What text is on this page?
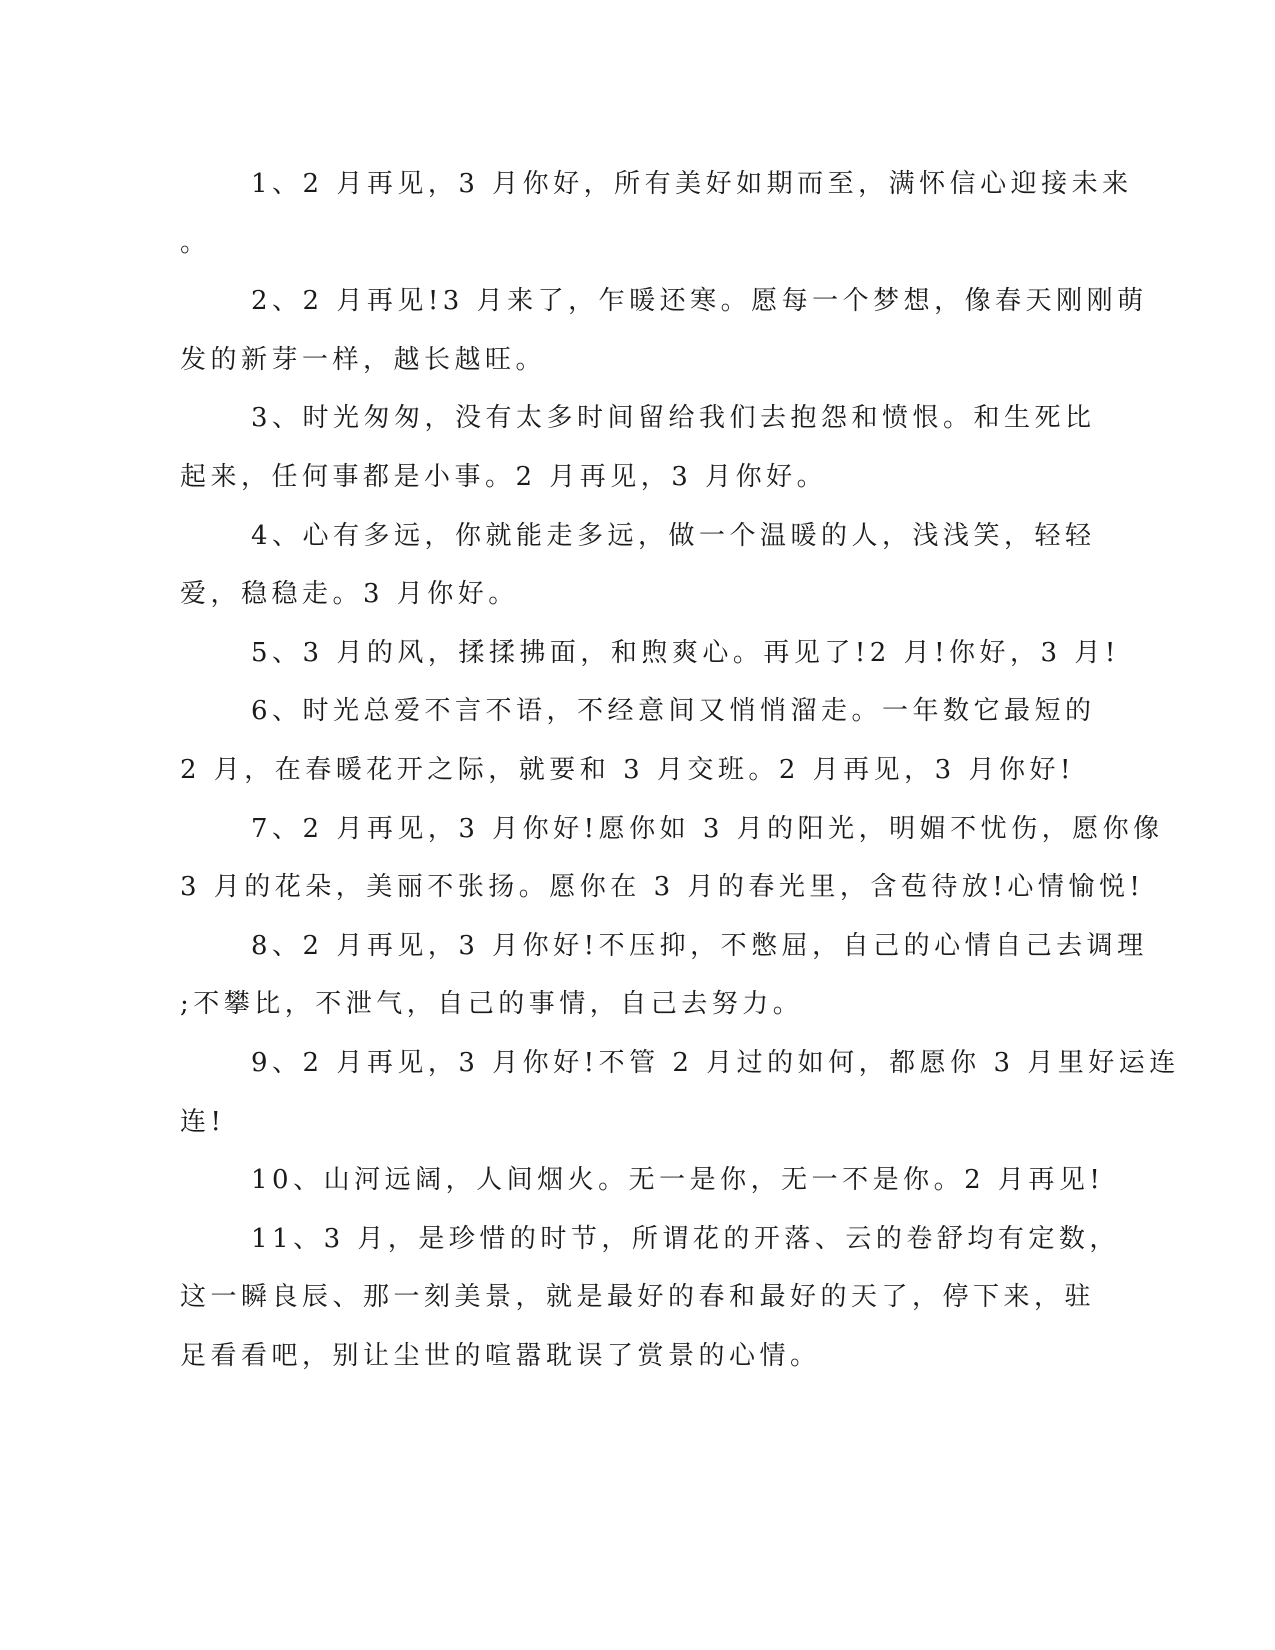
1、2 月再见，3 月你好，所有美好如期而至，满怀信心迎接未来
。
2、2 月再见!3 月来了，乍暖还寒。愿每一个梦想，像春天刚刚萌
发的新芽一样，越长越旺。
3、时光匆匆，没有太多时间留给我们去抱怨和愤恨。和生死比
起来，任何事都是小事。2 月再见，3 月你好。
4、心有多远，你就能走多远，做一个温暖的人，浅浅笑，轻轻
爱，稳稳走。3 月你好。
5、3 月的风，揉揉拂面，和煦爽心。再见了!2 月!你好，3 月!
6、时光总爱不言不语，不经意间又悄悄溜走。一年数它最短的
2 月，在春暖花开之际，就要和 3 月交班。2 月再见，3 月你好!
7、2 月再见，3 月你好!愿你如 3 月的阳光，明媚不忧伤，愿你像
3 月的花朵，美丽不张扬。愿你在 3 月的春光里，含苞待放!心情愉悦!
8、2 月再见，3 月你好!不压抑，不憋屈，自己的心情自己去调理
;不攀比，不泄气，自己的事情，自己去努力。
9、2 月再见，3 月你好!不管 2 月过的如何，都愿你 3 月里好运连
连!
10、山河远阔，人间烟火。无一是你，无一不是你。2 月再见!
11、3 月，是珍惜的时节，所谓花的开落、云的卷舒均有定数，
这一瞬良辰、那一刻美景，就是最好的春和最好的天了，停下来，驻
足看看吧，别让尘世的喧嚣耽误了赏景的心情。
